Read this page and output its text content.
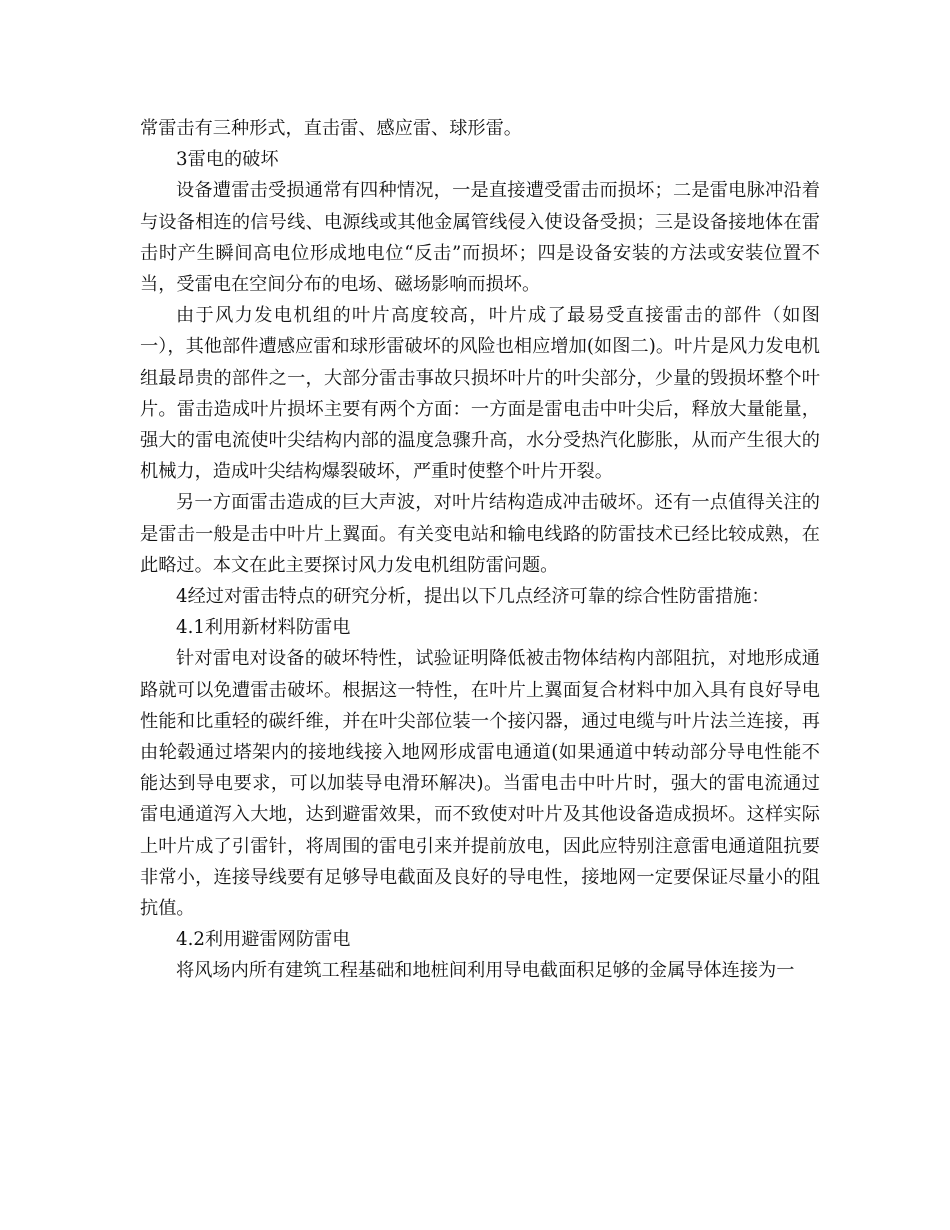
常雷击有三种形式，直击雷、感应雷、球形雷。

3雷电的破坏

设备遭雷击受损通常有四种情况，一是直接遭受雷击而损坏；二是雷电脉冲沿着与设备相连的信号线、电源线或其他金属管线侵入使设备受损；三是设备接地体在雷击时产生瞬间高电位形成地电位“反击”而损坏；四是设备安装的方法或安装位置不当，受雷电在空间分布的电场、磁场影响而损坏。

由于风力发电机组的叶片高度较高，叶片成了最易受直接雷击的部件（如图一），其他部件遭感应雷和球形雷破坏的风险也相应增加(如图二)。叶片是风力发电机组最昂贵的部件之一，大部分雷击事故只损坏叶片的叶尖部分，少量的毁损坏整个叶片。雷击造成叶片损坏主要有两个方面：一方面是雷电击中叶尖后，释放大量能量，强大的雷电流使叶尖结构内部的温度急骤升高，水分受热汽化膨胀，从而产生很大的机械力，造成叶尖结构爆裂破坏，严重时使整个叶片开裂。

另一方面雷击造成的巨大声波，对叶片结构造成冲击破坏。还有一点值得关注的是雷击一般是击中叶片上翼面。有关变电站和输电线路的防雷技术已经比较成熟，在此略过。本文在此主要探讨风力发电机组防雷问题。

4经过对雷击特点的研究分析，提出以下几点经济可靠的综合性防雷措施：

4.1利用新材料防雷电

针对雷电对设备的破坏特性，试验证明降低被击物体结构内部阻抗，对地形成通路就可以免遭雷击破坏。根据这一特性，在叶片上翼面复合材料中加入具有良好导电性能和比重轻的碳纤维，并在叶尖部位装一个接闪器，通过电缆与叶片法兰连接，再由轮毂通过塔架内的接地线接入地网形成雷电通道(如果通道中转动部分导电性能不能达到导电要求，可以加装导电滑环解决)。当雷电击中叶片时，强大的雷电流通过雷电通道泻入大地，达到避雷效果，而不致使对叶片及其他设备造成损坏。这样实际上叶片成了引雷针，将周围的雷电引来并提前放电，因此应特别注意雷电通道阻抗要非常小，连接导线要有足够导电截面及良好的导电性，接地网一定要保证尽量小的阻抗值。

4.2利用避雷网防雷电

将风场内所有建筑工程基础和地桩间利用导电截面积足够的金属导体连接为一
